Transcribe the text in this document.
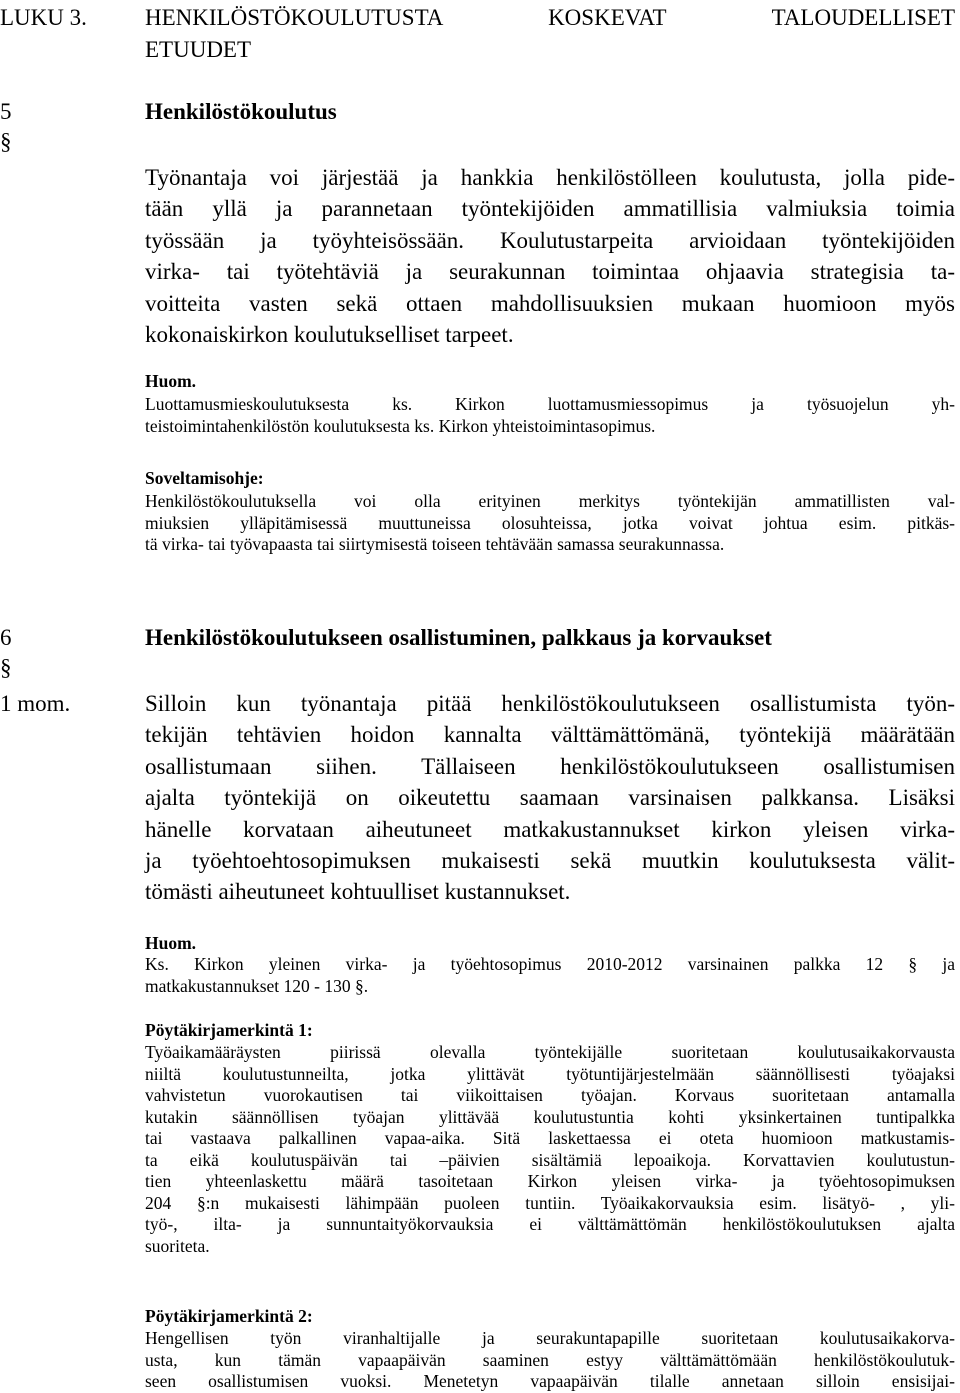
LUKU 3.	HENKILÖSTÖKOULUTUSTA KOSKEVAT TALOUDELLISET
ETUUDET
5 §
Henkilöstökoulutus
Työnantaja voi järjestää ja hankkia henkilöstölleen koulutusta, jolla pide-
tään yllä ja parannetaan työntekijöiden ammatillisia valmiuksia toimia
työssään ja työyhteisössään. Koulutustarpeita arvioidaan työntekijöiden
virka- tai työtehtäviä ja seurakunnan toimintaa ohjaavia strategisia ta-
voitteita vasten sekä ottaen mahdollisuuksien mukaan huomioon myös
kokonaiskirkon koulutukselliset tarpeet.
Huom.
Luottamusmieskoulutuksesta ks. Kirkon luottamusmiessopimus ja työsuojelun yh-
teistoimintahenkilöstön koulutuksesta ks. Kirkon yhteistoimintasopimus.
Soveltamisohje:
Henkilöstökoulutuksella voi olla erityinen merkitys työntekijän ammatillisten val-
miuksien ylläpitämisessä muuttuneissa olosuhteissa, jotka voivat johtua esim. pitkäs-
tä virka- tai työvapaasta tai siirtymisestä toiseen tehtävään samassa seurakunnassa.
6 §
Henkilöstökoulutukseen osallistuminen, palkkaus ja korvaukset
1 mom.	Silloin kun työnantaja pitää henkilöstökoulutukseen osallistumista työn-
tekijän tehtävien hoidon kannalta välttämättömänä, työntekijä määrätään
osallistumaan siihen. Tällaiseen henkilöstökoulutukseen osallistumisen
ajalta työntekijä on oikeutettu saamaan varsinaisen palkkansa. Lisäksi
hänelle korvataan aiheutuneet matkakustannukset kirkon yleisen virka-
ja työehtoehtosopimuksen mukaisesti sekä muutkin koulutuksesta välit-
tömästi aiheutuneet kohtuulliset kustannukset.
Huom.
Ks. Kirkon yleinen virka- ja työehtosopimus 2010-2012 varsinainen palkka 12 § ja
matkakustannukset 120 - 130 §.
Pöytäkirjamerkintä 1:
Työaikamääräysten piirissä olevalla työntekijälle suoritetaan koulutusaikakorvausta
niiltä koulutustunneilta, jotka ylittävät työtuntijärjestelmään säännöllisesti työajaksi
vahvistetun vuorokautisen tai viikoittaisen työajan. Korvaus suoritetaan antamalla
kutakin säännöllisen työajan ylittävää koulutustuntia kohti yksinkertainen tuntipalkka
tai vastaava palkallinen vapaa-aika. Sitä laskettaessa ei oteta huomioon matkustamis-
ta eikä koulutuspäivän tai –päivien sisältämiä lepoaikoja. Korvattavien koulutustun-
tien yhteenlaskettu määrä tasoitetaan Kirkon yleisen virka- ja työehtosopimuksen
204 §:n mukaisesti lähimpään puoleen tuntiin. Työaikakorvauksia esim. lisätyö- , yli-
työ-, ilta- ja sunnuntaityökorvauksia ei välttämättömän henkilöstökoulutuksen ajalta
suoriteta.
Pöytäkirjamerkintä 2:
Hengellisen työn viranhaltijalle ja seurakuntapapille suoritetaan koulutusaikakorva-
usta, kun tämän vapaapäivän saaminen estyy välttämättömään henkilöstökoulutuk-
seen osallistumisen vuoksi. Menetetyn vapaapäivän tilalle annetaan silloin ensisijai-
